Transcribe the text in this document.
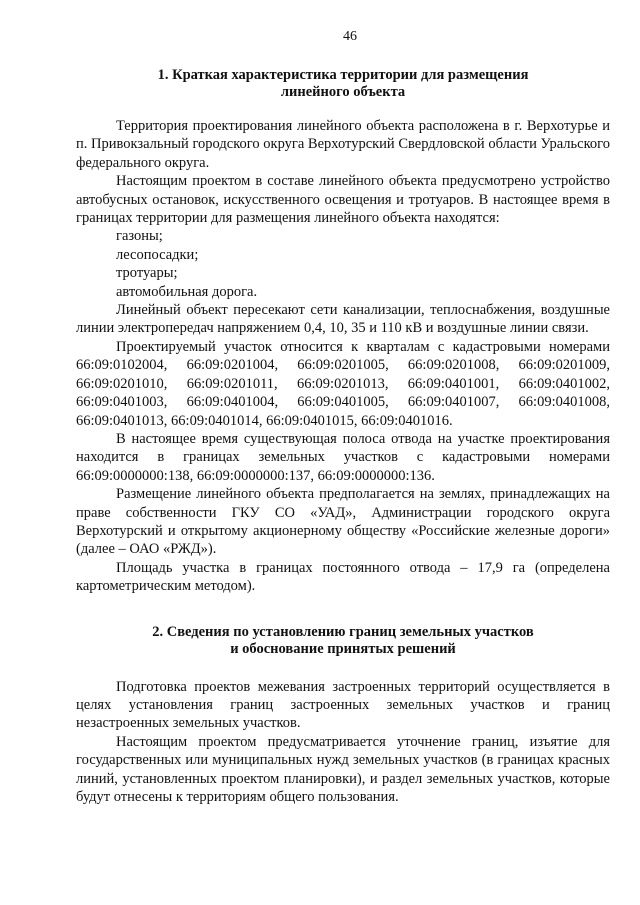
46
1. Краткая характеристика территории для размещения
линейного объекта

Территория проектирования линейного объекта расположена в г. Верхотурье и п. Привокзальный городского округа Верхотурский Свердловской области Уральского федерального округа.

Настоящим проектом в составе линейного объекта предусмотрено устройство автобусных остановок, искусственного освещения и тротуаров. В настоящее время в границах территории для размещения линейного объекта находятся:

газоны;

лесопосадки;

тротуары;

автомобильная дорога.

Линейный объект пересекают сети канализации, теплоснабжения, воздушные линии электропередач напряжением 0,4, 10, 35 и 110 кВ и воздушные линии связи.

Проектируемый участок относится к кварталам с кадастровыми номерами 66:09:0102004, 66:09:0201004, 66:09:0201005, 66:09:0201008, 66:09:0201009, 66:09:0201010, 66:09:0201011, 66:09:0201013, 66:09:0401001, 66:09:0401002, 66:09:0401003, 66:09:0401004, 66:09:0401005, 66:09:0401007, 66:09:0401008, 66:09:0401013, 66:09:0401014, 66:09:0401015, 66:09:0401016.

В настоящее время существующая полоса отвода на участке проектирования находится в границах земельных участков с кадастровыми номерами 66:09:0000000:138, 66:09:0000000:137, 66:09:0000000:136.

Размещение линейного объекта предполагается на землях, принадлежащих на праве собственности ГКУ СО «УАД», Администрации городского округа Верхотурский и открытому акционерному обществу «Российские железные дороги» (далее – ОАО «РЖД»).

Площадь участка в границах постоянного отвода – 17,9 га (определена картометрическим методом).

2. Сведения по установлению границ земельных участков
и обоснование принятых решений

Подготовка проектов межевания застроенных территорий осуществляется в целях установления границ застроенных земельных участков и границ незастроенных земельных участков.

Настоящим проектом предусматривается уточнение границ, изъятие для государственных или муниципальных нужд земельных участков (в границах красных линий, установленных проектом планировки), и раздел земельных участков, которые будут отнесены к территориям общего пользования.
